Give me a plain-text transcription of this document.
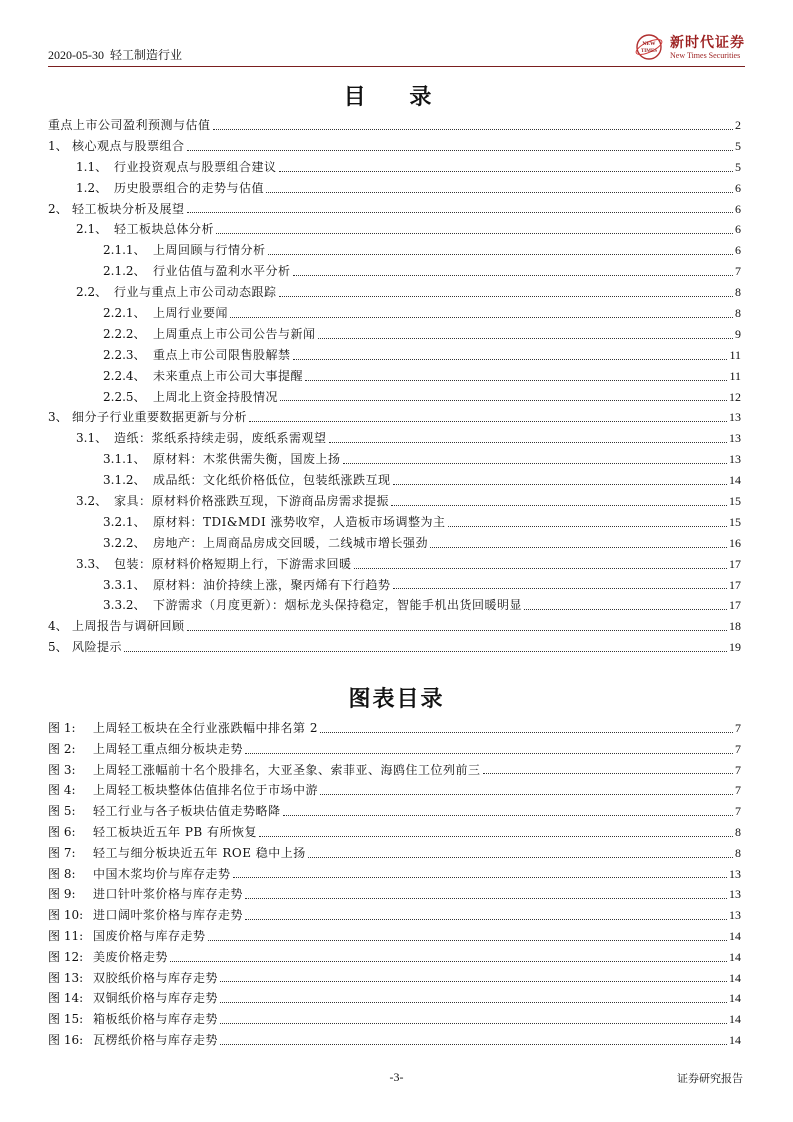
2020-05-30 轻工制造行业
NEW
TIMES
新时代证券
New Times Securities
目 录
重点上市公司盈利预测与估值	2
1、 核心观点与股票组合	5
1.1、 行业投资观点与股票组合建议	5
1.2、 历史股票组合的走势与估值	6
2、 轻工板块分析及展望	6
2.1、 轻工板块总体分析	6
2.1.1、 上周回顾与行情分析	6
2.1.2、 行业估值与盈利水平分析	7
2.2、 行业与重点上市公司动态跟踪	8
2.2.1、 上周行业要闻	8
2.2.2、 上周重点上市公司公告与新闻	9
2.2.3、 重点上市公司限售股解禁	11
2.2.4、 未来重点上市公司大事提醒	11
2.2.5、 上周北上资金持股情况	12
3、 细分子行业重要数据更新与分析	13
3.1、 造纸：浆纸系持续走弱，废纸系需观望	13
3.1.1、 原材料：木浆供需失衡，国废上扬	13
3.1.2、 成品纸：文化纸价格低位，包装纸涨跌互现	14
3.2、 家具：原材料价格涨跌互现，下游商品房需求提振	15
3.2.1、 原材料：TDI&MDI 涨势收窄，人造板市场调整为主	15
3.2.2、 房地产：上周商品房成交回暖，二线城市增长强劲	16
3.3、 包装：原材料价格短期上行，下游需求回暖	17
3.3.1、 原材料：油价持续上涨，聚丙烯有下行趋势	17
3.3.2、 下游需求（月度更新）：烟标龙头保持稳定，智能手机出货回暖明显	17
4、 上周报告与调研回顾	18
5、 风险提示	19
图表目录
图 1:	上周轻工板块在全行业涨跌幅中排名第 2	7
图 2:	上周轻工重点细分板块走势	7
图 3:	上周轻工涨幅前十名个股排名，大亚圣象、索菲亚、海鸥住工位列前三	7
图 4:	上周轻工板块整体估值排名位于市场中游	7
图 5:	轻工行业与各子板块估值走势略降	7
图 6:	轻工板块近五年 PB 有所恢复	8
图 7:	轻工与细分板块近五年 ROE 稳中上扬	8
图 8:	中国木浆均价与库存走势	13
图 9:	进口针叶浆价格与库存走势	13
图 10: 进口阔叶浆价格与库存走势	13
图 11: 国废价格与库存走势	14
图 12: 美废价格走势	14
图 13: 双胶纸价格与库存走势	14
图 14: 双铜纸价格与库存走势	14
图 15: 箱板纸价格与库存走势	14
图 16: 瓦楞纸价格与库存走势	14
-3-	证券研究报告
